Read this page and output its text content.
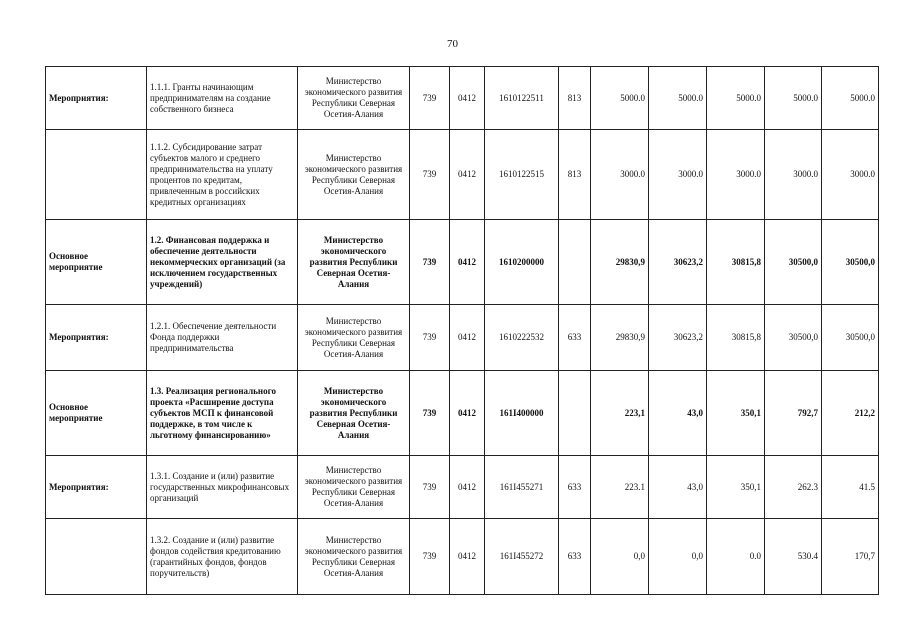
70
Мероприятия:	1.1.1. Гранты начинающим предпринимателям на создание собственного бизнеса	Министерство экономического развития Республики Северная Осетия-Алания	739	0412	1610122511	813	5000.0	5000.0	5000.0	5000.0	5000.0
	1.1.2. Субсидирование затрат субъектов малого и среднего предпринимательства на уплату процентов по кредитам, привлеченным в российских кредитных организациях	Министерство экономического развития Республики Северная Осетия-Алания	739	0412	1610122515	813	3000.0	3000.0	3000.0	3000.0	3000.0
Основное мероприятие	1.2. Финансовая поддержка и обеспечение деятельности некоммерческих организаций (за исключением государственных учреждений)	Министерство экономического развития Республики Северная Осетия-Алания	739	0412	1610200000		29830,9	30623,2	30815,8	30500,0	30500,0
Мероприятия:	1.2.1. Обеспечение деятельности Фонда поддержки предпринимательства	Министерство экономического развития Республики Северная Осетия-Алания	739	0412	1610222532	633	29830,9	30623,2	30815,8	30500,0	30500,0
Основное мероприятие	1.3. Реализация регионального проекта «Расширение доступа субъектов МСП к финансовой поддержке, в том числе к льготному финансированию»	Министерство экономического развития Республики Северная Осетия-Алания	739	0412	161I400000		223,1	43,0	350,1	792,7	212,2
Мероприятия:	1.3.1. Создание и (или) развитие государственных микрофинансовых организаций	Министерство экономического развития Республики Северная Осетия-Алания	739	0412	161I455271	633	223.1	43,0	350,1	262.3	41.5
	1.3.2. Создание и (или) развитие фондов содействия кредитованию (гарантийных фондов, фондов поручительств)	Министерство экономического развития Республики Северная Осетия-Алания	739	0412	161I455272	633	0,0	0,0	0.0	530.4	170,7
